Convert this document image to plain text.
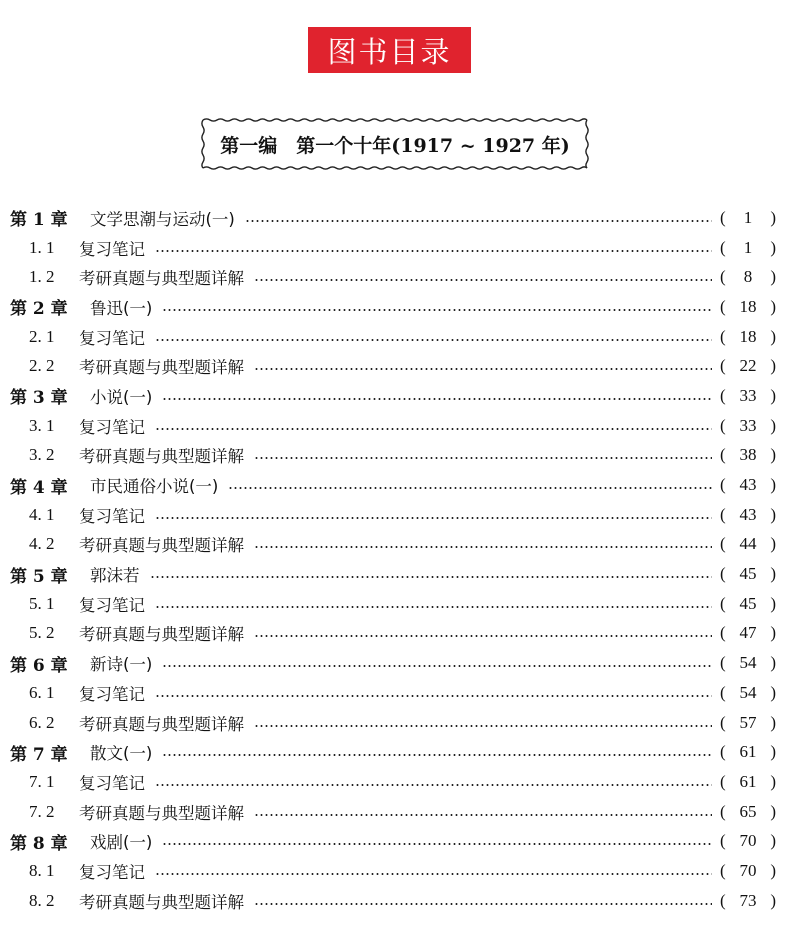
图书目录
第一编　第一个十年(1917 ~ 1927 年)
第 1 章	文学思潮与运动(一)	(	1	)
1. 1	复习笔记	(	1	)
1. 2	考研真题与典型题详解	(	8	)
第 2 章	鲁迅(一)	( 18 )
2. 1	复习笔记	( 18 )
2. 2	考研真题与典型题详解	( 22 )
第 3 章	小说(一)	( 33 )
3. 1	复习笔记	( 33 )
3. 2	考研真题与典型题详解	( 38 )
第 4 章	市民通俗小说(一)	( 43 )
4. 1	复习笔记	( 43 )
4. 2	考研真题与典型题详解	( 44 )
第 5 章	郭沫若	( 45 )
5. 1	复习笔记	( 45 )
5. 2	考研真题与典型题详解	( 47 )
第 6 章	新诗(一)	( 54 )
6. 1	复习笔记	( 54 )
6. 2	考研真题与典型题详解	( 57 )
第 7 章	散文(一)	( 61 )
7. 1	复习笔记	( 61 )
7. 2	考研真题与典型题详解	( 65 )
第 8 章	戏剧(一)	( 70 )
8. 1	复习笔记	( 70 )
8. 2	考研真题与典型题详解	( 73 )
